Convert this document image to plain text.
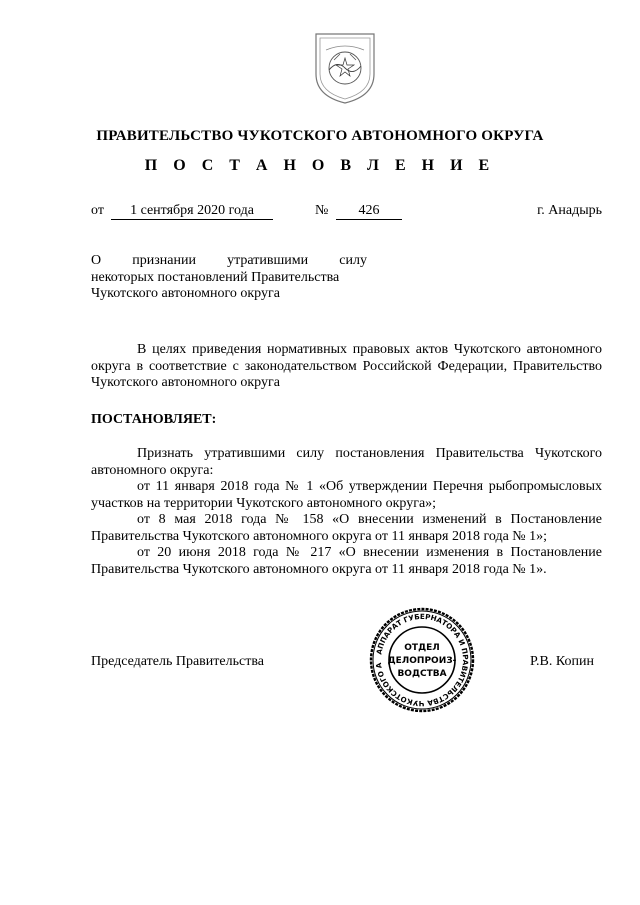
ПРАВИТЕЛЬСТВО ЧУКОТСКОГО АВТОНОМНОГО ОКРУГА
П О С Т А Н О В Л Е Н И Е
от	1 сентября 2020 года	№	426	г. Анадырь
О признании утратившими силу
некоторых постановлений Правительства
Чукотского автономного округа
В целях приведения нормативных правовых актов Чукотского автономного округа в соответствие с законодательством Российской Федерации, Правительство Чукотского автономного округа
ПОСТАНОВЛЯЕТ:

Признать утратившими силу постановления Правительства Чукотского автономного округа:

от 11 января 2018 года № 1 «Об утверждении Перечня рыбопромысловых участков на территории Чукотского автономного округа»;

от 8 мая 2018 года № 158 «О внесении изменений в Постановление Правительства Чукотского автономного округа от 11 января 2018 года № 1»;

от 20 июня 2018 года № 217 «О внесении изменения в Постановление Правительства Чукотского автономного округа от 11 января 2018 года № 1».

Председатель Правительства	Р.В. Копин
АППАРАТ ГУБЕРНАТОРА И ПРАВИТЕЛЬСТВА ЧУКОТСКОГО А
ОТДЕЛ
ДЕЛОПРОИЗ-
ВОДСТВА
